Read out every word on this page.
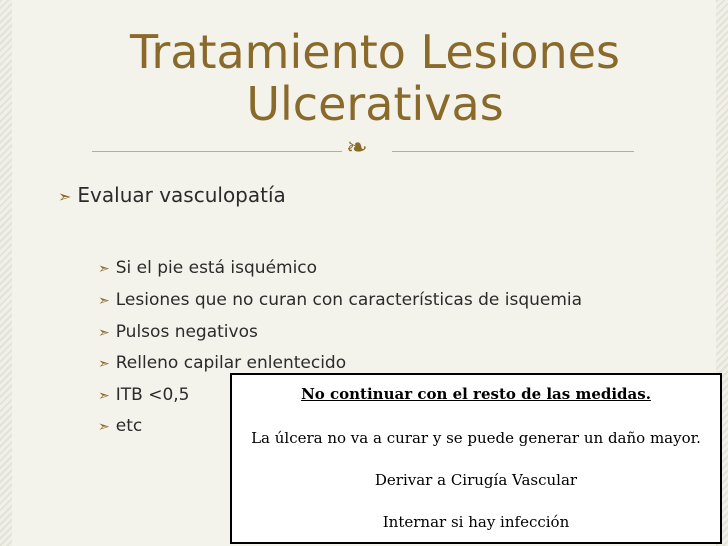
Tratamiento Lesiones
Ulcerativas
❧
➣ Evaluar vasculopatía
➣ Si el pie está isquémico
➣ Lesiones que no curan con características de isquemia
➣ Pulsos negativos
➣ Relleno capilar enlentecido
➣ ITB <0,5
➣ etc
No continuar con el resto de las medidas.
La úlcera no va a curar y se puede generar un daño mayor.
Derivar a Cirugía Vascular
Internar si hay infección
